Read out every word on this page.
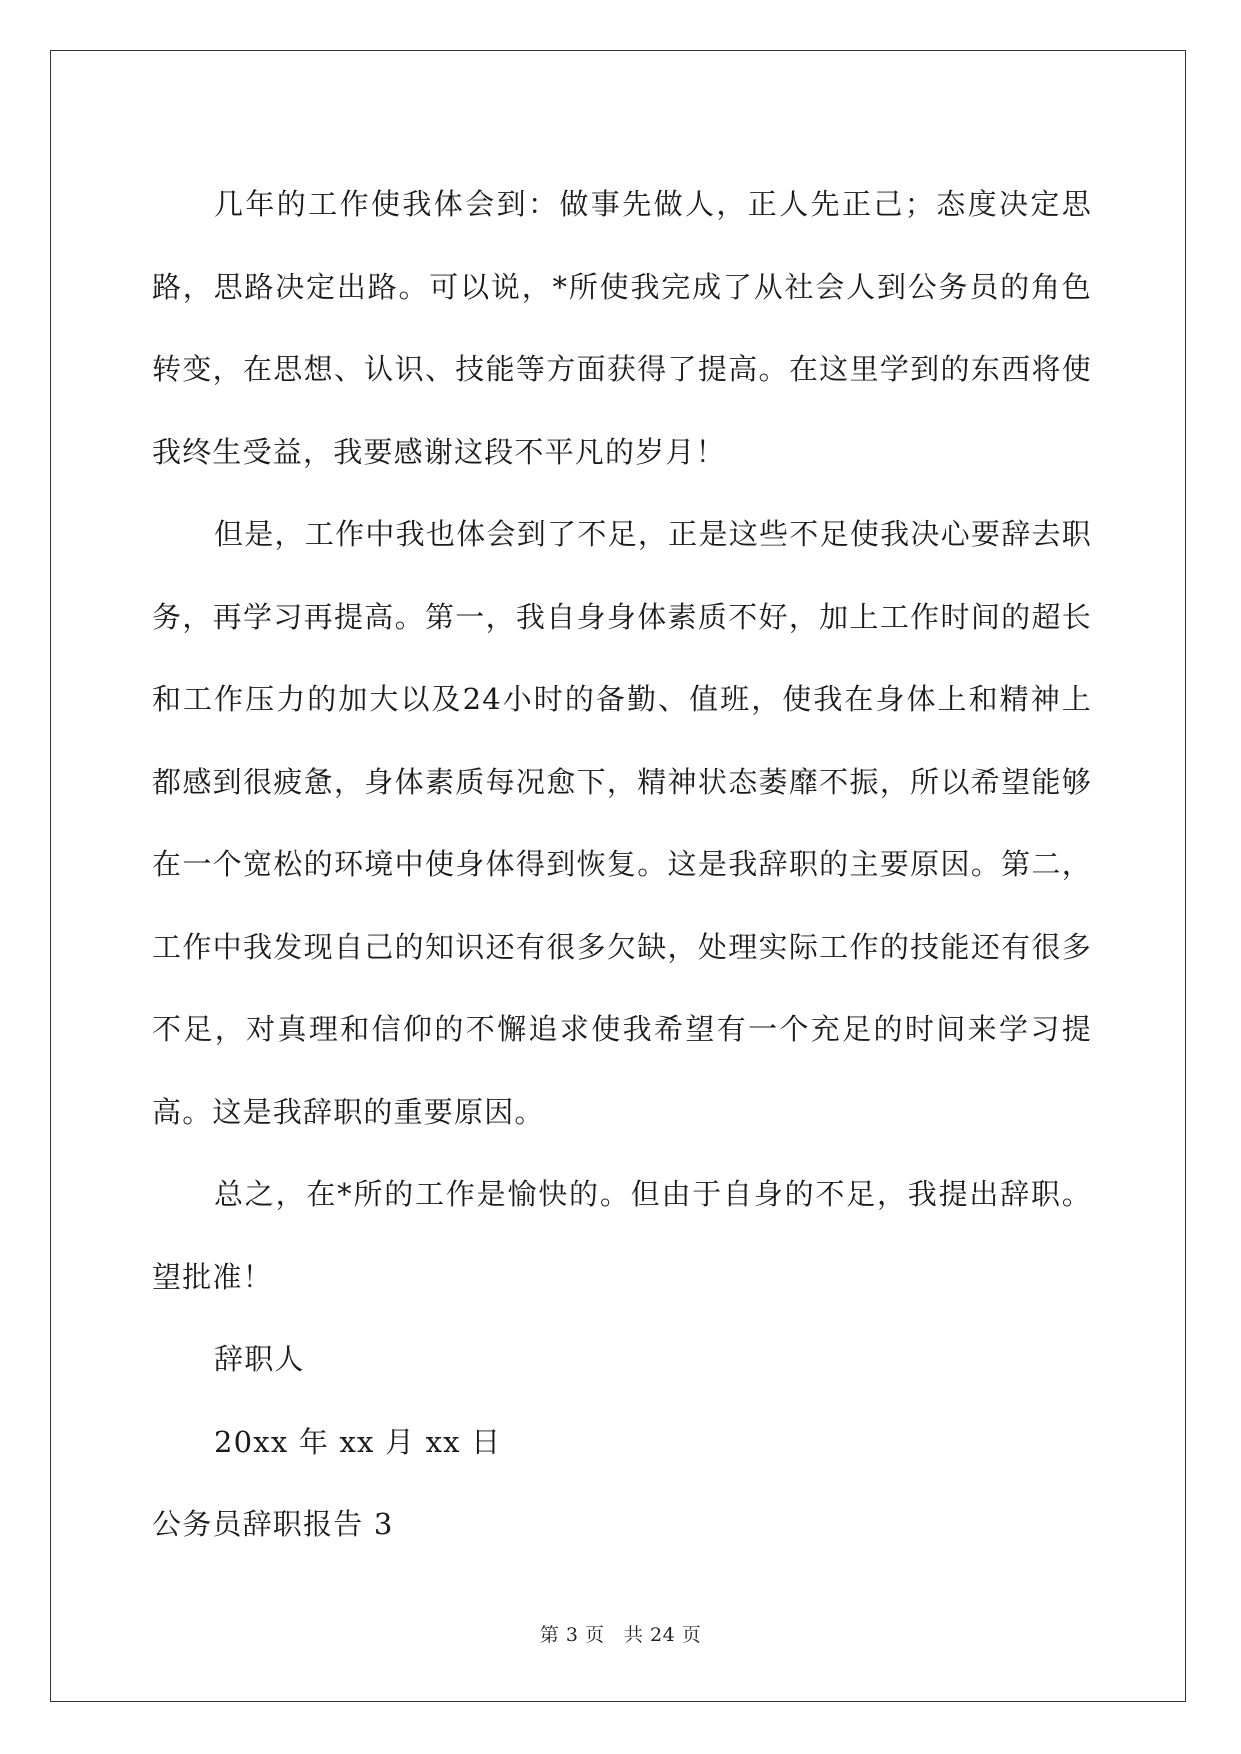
几年的工作使我体会到：做事先做人，正人先正己；态度决定思路，思路决定出路。可以说，*所使我完成了从社会人到公务员的角色转变，在思想、认识、技能等方面获得了提高。在这里学到的东西将使我终生受益，我要感谢这段不平凡的岁月！

但是，工作中我也体会到了不足，正是这些不足使我决心要辞去职务，再学习再提高。第一，我自身身体素质不好，加上工作时间的超长和工作压力的加大以及24小时的备勤、值班，使我在身体上和精神上都感到很疲惫，身体素质每况愈下，精神状态萎靡不振，所以希望能够在一个宽松的环境中使身体得到恢复。这是我辞职的主要原因。第二，工作中我发现自己的知识还有很多欠缺，处理实际工作的技能还有很多不足，对真理和信仰的不懈追求使我希望有一个充足的时间来学习提高。这是我辞职的重要原因。

总之，在*所的工作是愉快的。但由于自身的不足，我提出辞职。望批准！

辞职人

20xx 年 xx 月 xx 日

公务员辞职报告 3

第 3 页　共 24 页
